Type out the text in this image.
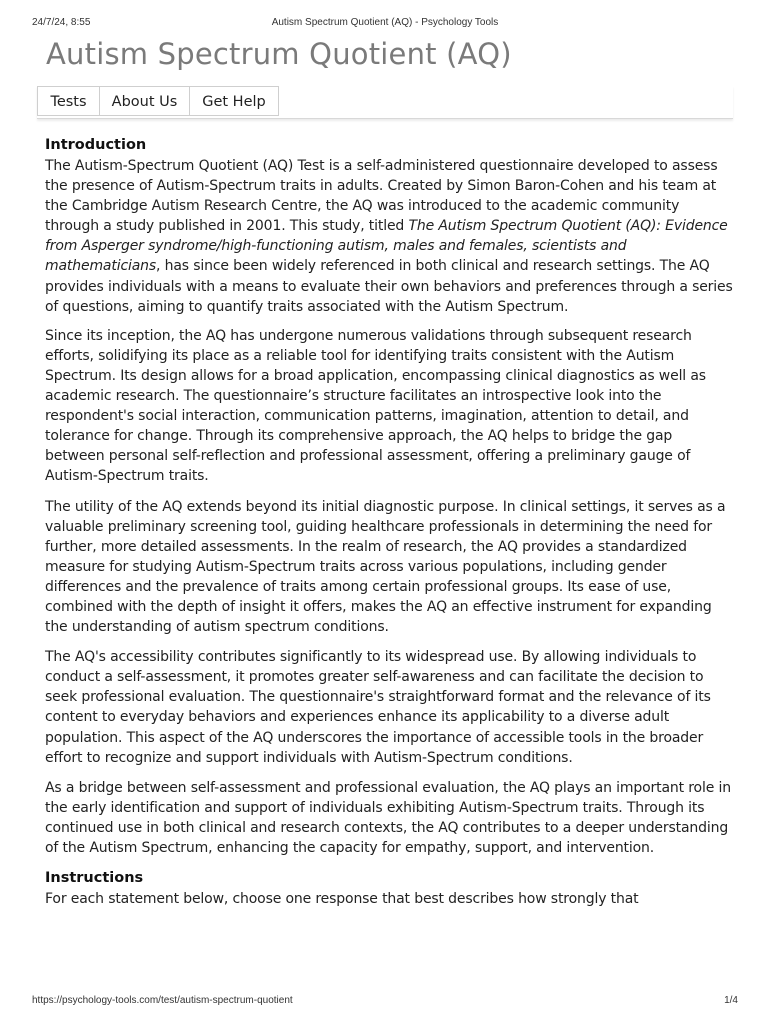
24/7/24, 8:55	Autism Spectrum Quotient (AQ) - Psychology Tools
Autism Spectrum Quotient (AQ)
Tests	About Us	Get Help
Introduction

The Autism-Spectrum Quotient (AQ) Test is a self-administered questionnaire developed to assess the presence of Autism-Spectrum traits in adults. Created by Simon Baron-Cohen and his team at the Cambridge Autism Research Centre, the AQ was introduced to the academic community through a study published in 2001. This study, titled The Autism Spectrum Quotient (AQ): Evidence from Asperger syndrome/high-functioning autism, males and females, scientists and mathematicians, has since been widely referenced in both clinical and research settings. The AQ provides individuals with a means to evaluate their own behaviors and preferences through a series of questions, aiming to quantify traits associated with the Autism Spectrum.

Since its inception, the AQ has undergone numerous validations through subsequent research efforts, solidifying its place as a reliable tool for identifying traits consistent with the Autism Spectrum. Its design allows for a broad application, encompassing clinical diagnostics as well as academic research. The questionnaire’s structure facilitates an introspective look into the respondent's social interaction, communication patterns, imagination, attention to detail, and tolerance for change. Through its comprehensive approach, the AQ helps to bridge the gap between personal self-reflection and professional assessment, offering a preliminary gauge of Autism-Spectrum traits.

The utility of the AQ extends beyond its initial diagnostic purpose. In clinical settings, it serves as a valuable preliminary screening tool, guiding healthcare professionals in determining the need for further, more detailed assessments. In the realm of research, the AQ provides a standardized measure for studying Autism-Spectrum traits across various populations, including gender differences and the prevalence of traits among certain professional groups. Its ease of use, combined with the depth of insight it offers, makes the AQ an effective instrument for expanding the understanding of autism spectrum conditions.

The AQ's accessibility contributes significantly to its widespread use. By allowing individuals to conduct a self-assessment, it promotes greater self-awareness and can facilitate the decision to seek professional evaluation. The questionnaire's straightforward format and the relevance of its content to everyday behaviors and experiences enhance its applicability to a diverse adult population. This aspect of the AQ underscores the importance of accessible tools in the broader effort to recognize and support individuals with Autism-Spectrum conditions.

As a bridge between self-assessment and professional evaluation, the AQ plays an important role in the early identification and support of individuals exhibiting Autism-Spectrum traits. Through its continued use in both clinical and research contexts, the AQ contributes to a deeper understanding of the Autism Spectrum, enhancing the capacity for empathy, support, and intervention.

Instructions

For each statement below, choose one response that best describes how strongly that

https://psychology-tools.com/test/autism-spectrum-quotient	1/4
